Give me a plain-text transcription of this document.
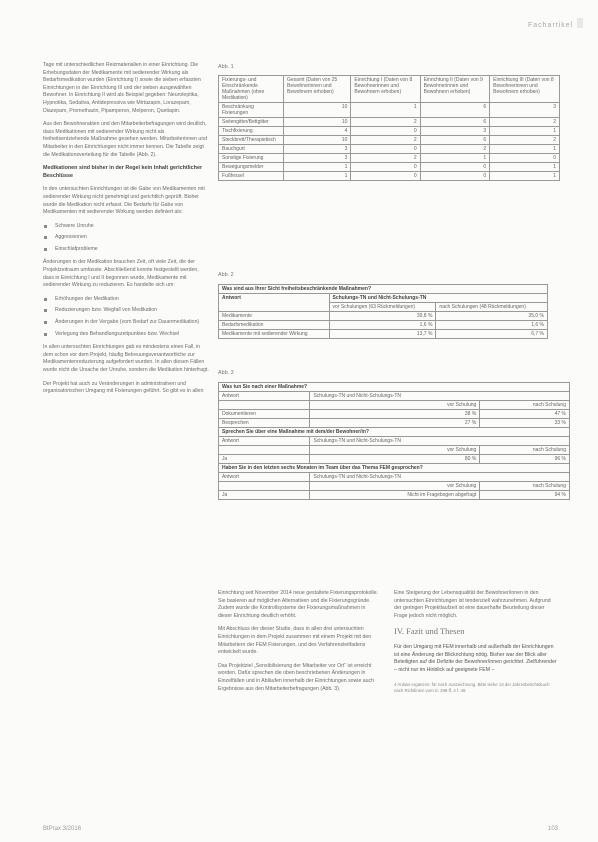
Fachartikel

Tage mit unterschiedlichen Reizmaterialien in einer Einrichtung. Die Erhebungsdaten der Medikamente mit sedierender Wirkung als Bedarfsmedikation wurden (Einrichtung I) sowie die sieben erfassten Einrichtungen in der Einrichtung III und der sieben ausgewählten Bewohner. In Einrichtung II wird als Beispiel gegeben: Neuroleptika, Hypnotika, Sedativa, Antidepressiva wie Mirtazapin, Lorazepam, Diazepam, Promethazin, Pipamperon, Melperon, Quetiapin.

Aus den Bewohnerakten und den Mitarbeiterbefragungen wird deutlich, dass Medikationen mit sedierender Wirkung nicht als freiheitsentziehende Maßnahme gesehen werden. Mitarbeiterinnen und Mitarbeiter in den Einrichtungen nicht immer kennen. Die Tabelle zeigt die Medikationsverteilung für die Tabelle (Abb. 2).

Medikationen sind bisher in der Regel kein Inhalt gerichtlicher Beschlüsse

In den untersuchten Einrichtungen ist die Gabe von Medikamenten mit sedierender Wirkung nicht genehmigt und gerichtlich geprüft. Bisher wurde die Medikation nicht erfasst. Die Bedarfe für Gabe von Medikamenten mit sedierender Wirkung werden definiert als:

Schwere Unruhe
Aggressionen
Einschlafprobleme

Änderungen in der Medikation brauchen Zeit, oft viele Zeit, die der Projektzeitraum umfasste. Abschließend konnte festgestellt werden, dass in Einrichtung I und II begonnen wurde, Medikamente mit sedierender Wirkung zu reduzieren. Es handelte sich um:

Erhöhungen der Medikation
Reduzierungen bzw. Wegfall von Medikation
Änderungen in der Vergabe (vom Bedarf zur Dauermedikation)
Verlegung des Behandlungszeitpunktes bzw. Wechsel

In allen untersuchten Einrichtungen gab es mindestens einen Fall, in dem schon vor dem Projekt, häufig Betreuungsverantwortliche zur Medikamentenreduzierung aufgefordert wurden. In allen diesen Fällen wurde nicht die Ursache der Unruhe, sondern die Medikation hinterfragt.

Der Projekt hat auch zu Veränderungen in administrativen und organisatorischen Umgang mit Fixierungen geführt. So gibt es in allen

Abb. 1
Fixierungs- und Einschränkende Maßnahmen (ohne Medikation)	Gesamt (Daten von 25 Bewohnerinnen und Bewohnern erhoben)	Einrichtung I (Daten von 8 Bewohnerinnen und Bewohnern erhoben)	Einrichtung II (Daten von 9 Bewohnerinnen und Bewohnern erhoben)	Einrichtung III (Daten von 8 Bewohnerinnen und Bewohnern erhoben)
Beschränkung Fixierungen	10	1	6	3
Seitengitter/Bettgitter	10	2	6	2
Tischfixierung	4	0	3	1
Steckbrett/Therapietisch	10	2	6	2
Bauchgurt	3	0	2	1
Sonstige Fixierung	3	2	1	0
Bewegungsmelder	1	0	0	1
Fußfessel	1	0	0	1
Abb. 2
Was sind aus Ihrer Sicht freiheitsbeschränkende Maßnahmen?		
Antwort	Schulungs-TN und Nicht-Schulungs-TN	
	vor Schulungen (63 Rückmeldungen)	nach Schulungen (48 Rückmeldungen)
Medikamente	39,8 %	35,0 %
Bedarfsmedikation	1,6 %	1,6 %
Medikamente mit sedierender Wirkung	13,7 %	6,7 %
Abb. 3
Was tun Sie nach einer Maßnahme?		
Antwort	Schulungs-TN und Nicht-Schulungs-TN	
	vor Schulung	nach Schulung
Dokumentieren	38 %	47 %
Besprechen	27 %	33 %
Sprechen Sie über eine Maßnahme mit dem/der Bewohner/in?		
Antwort	Schulungs-TN und Nicht-Schulungs-TN	
	vor Schulung	nach Schulung
Ja	80 %	96 %
Haben Sie in den letzten sechs Monaten im Team über das Thema FEM gesprochen?		
Antwort	Schulungs-TN und Nicht-Schulungs-TN	
	vor Schulung	nach Schulung
Ja	Nicht im Fragebogen abgefragt	94 %

Einrichtung seit November 2014 neue gestaltete Fixierungsprotokolle. Sie basieren auf möglichen Alternativen und die Fixierungsgründe. Zudem wurde die Kontrollsysteme der Fixierungsmaßnahmen in dieser Einrichtung deutlich erhöht.

Mit Abschluss der dieser Studie, dass in allen drei untersuchten Einrichtungen in dem Projekt zusammen mit einem Projekt mit den Mitarbeitern der FEM Fixierungen, und des Verfahrensleitfadens entwickelt wurde.

Das Projektziel „Sensibilisierung der Mitarbeiter vor Ort“ ist erreicht worden. Dafür sprechen die oben beschriebenen Änderungen in Einzelfällen und in Abläufen innerhalb der Einrichtungen sowie auch Ergebnisse aus den Mitarbeiterbefragungen (Abb. 3).

Eine Steigerung der Lebensqualität der Bewohner/innen in den untersuchten Einrichtungen ist tendenziell wahrzunehmen. Aufgrund der geringen Projektlaufzeit ist eine dauerhafte Beurteilung dieser Frage jedoch nicht möglich.

IV. Fazit und Thesen

Für den Umgang mit FEM innerhalb und außerhalb der Einrichtungen ist eine Änderung der Blickrichtung nötig. Bisher war der Blick aller Beteiligten auf die Defizite der Bewohner/innen gerichtet. Zielführender – nicht nur im Hinblick auf geeignete FEM –

4 Anlass ergänzen; für nach Auszeichnung. Bitte siehe 13 der Jahresberichtsbuch nach Richtlinien vom S. 288-ff, 4 f. 48.
BtPrax 3/2016	103
